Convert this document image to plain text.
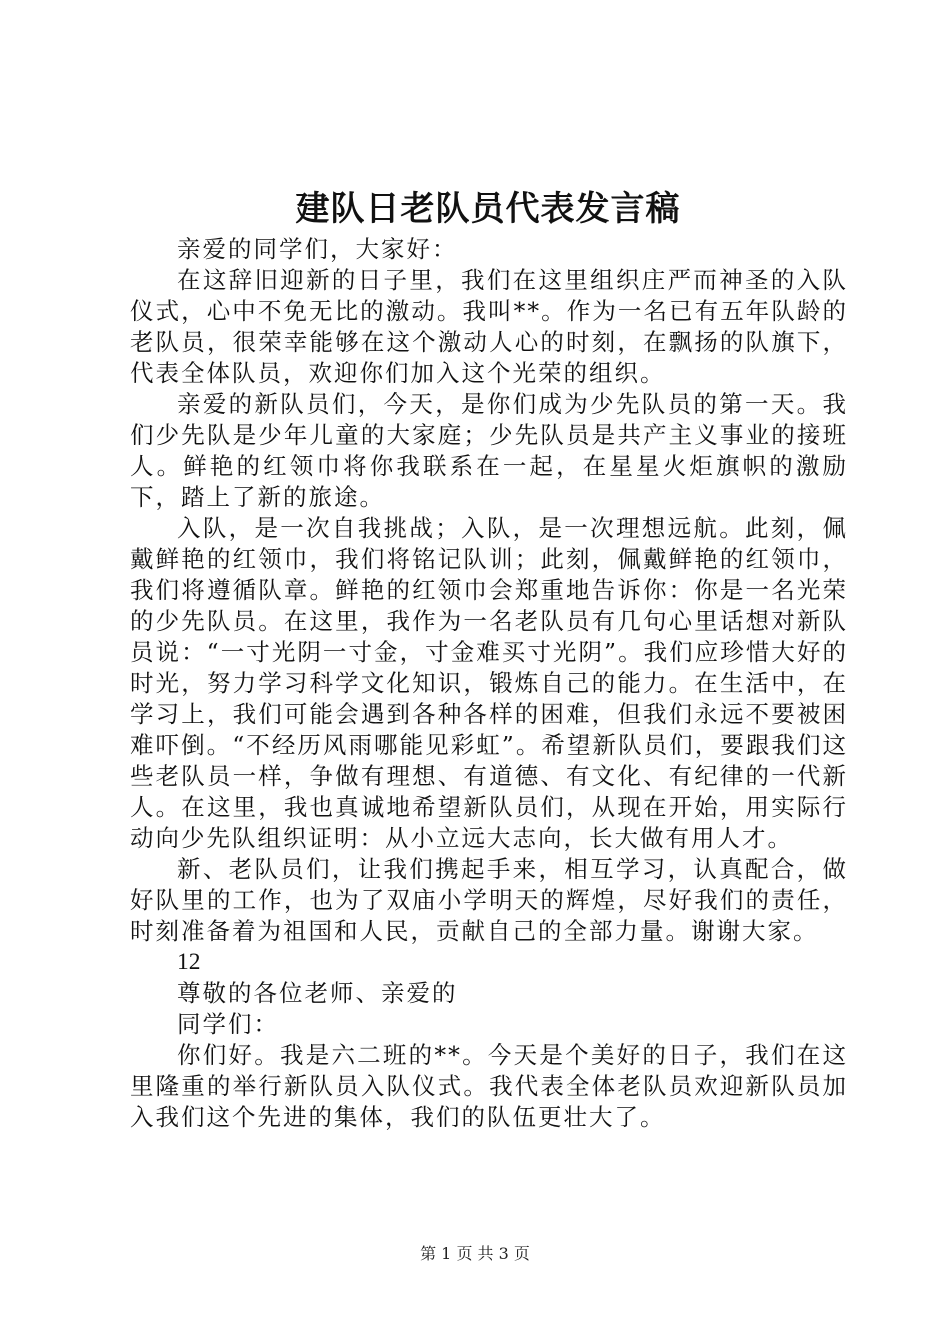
建队日老队员代表发言稿

亲爱的同学们，大家好：

在这辞旧迎新的日子里，我们在这里组织庄严而神圣的入队仪式，心中不免无比的激动。我叫**。作为一名已有五年队龄的老队员，很荣幸能够在这个激动人心的时刻，在飘扬的队旗下，代表全体队员，欢迎你们加入这个光荣的组织。

亲爱的新队员们，今天，是你们成为少先队员的第一天。我们少先队是少年儿童的大家庭；少先队员是共产主义事业的接班人。鲜艳的红领巾将你我联系在一起，在星星火炬旗帜的激励下，踏上了新的旅途。

入队，是一次自我挑战；入队，是一次理想远航。此刻，佩戴鲜艳的红领巾，我们将铭记队训；此刻，佩戴鲜艳的红领巾，我们将遵循队章。鲜艳的红领巾会郑重地告诉你：你是一名光荣的少先队员。在这里，我作为一名老队员有几句心里话想对新队员说：“一寸光阴一寸金，寸金难买寸光阴”。我们应珍惜大好的时光，努力学习科学文化知识，锻炼自己的能力。在生活中，在学习上，我们可能会遇到各种各样的困难，但我们永远不要被困难吓倒。“不经历风雨哪能见彩虹”。希望新队员们，要跟我们这些老队员一样，争做有理想、有道德、有文化、有纪律的一代新人。在这里，我也真诚地希望新队员们，从现在开始，用实际行动向少先队组织证明：从小立远大志向，长大做有用人才。

新、老队员们，让我们携起手来，相互学习，认真配合，做好队里的工作，也为了双庙小学明天的辉煌，尽好我们的责任，时刻准备着为祖国和人民，贡献自己的全部力量。谢谢大家。

12

尊敬的各位老师、亲爱的

同学们：

你们好。我是六二班的**。今天是个美好的日子，我们在这里隆重的举行新队员入队仪式。我代表全体老队员欢迎新队员加入我们这个先进的集体，我们的队伍更壮大了。

第 1 页 共 3 页
